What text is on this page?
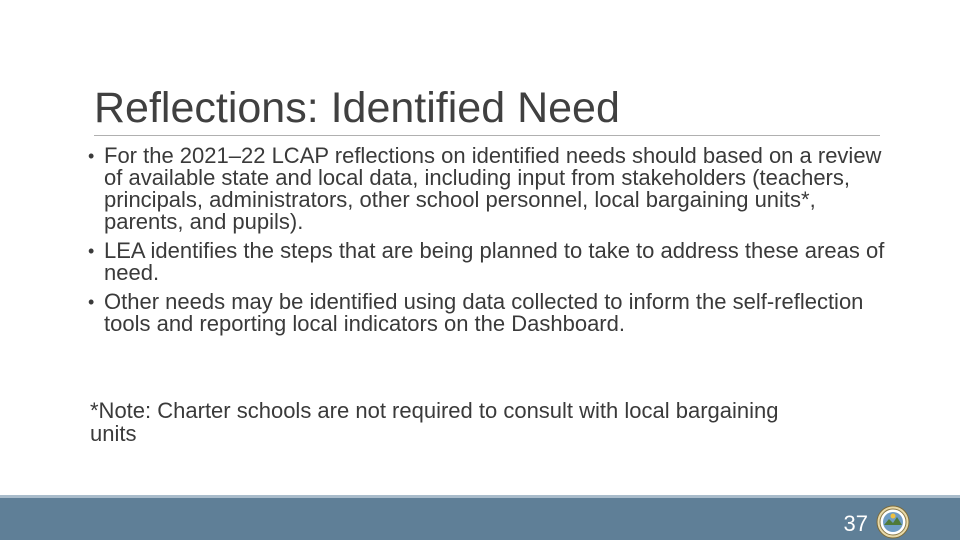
Reflections: Identified Need
• For the 2021–22 LCAP reflections on identified needs should based on a review of available state and local data, including input from stakeholders (teachers, principals, administrators, other school personnel, local bargaining units*, parents, and pupils).
• LEA identifies the steps that are being planned to take to address these areas of need.
• Other needs may be identified using data collected to inform the self-reflection tools and reporting local indicators on the Dashboard.

*Note: Charter schools are not required to consult with local bargaining units

37
